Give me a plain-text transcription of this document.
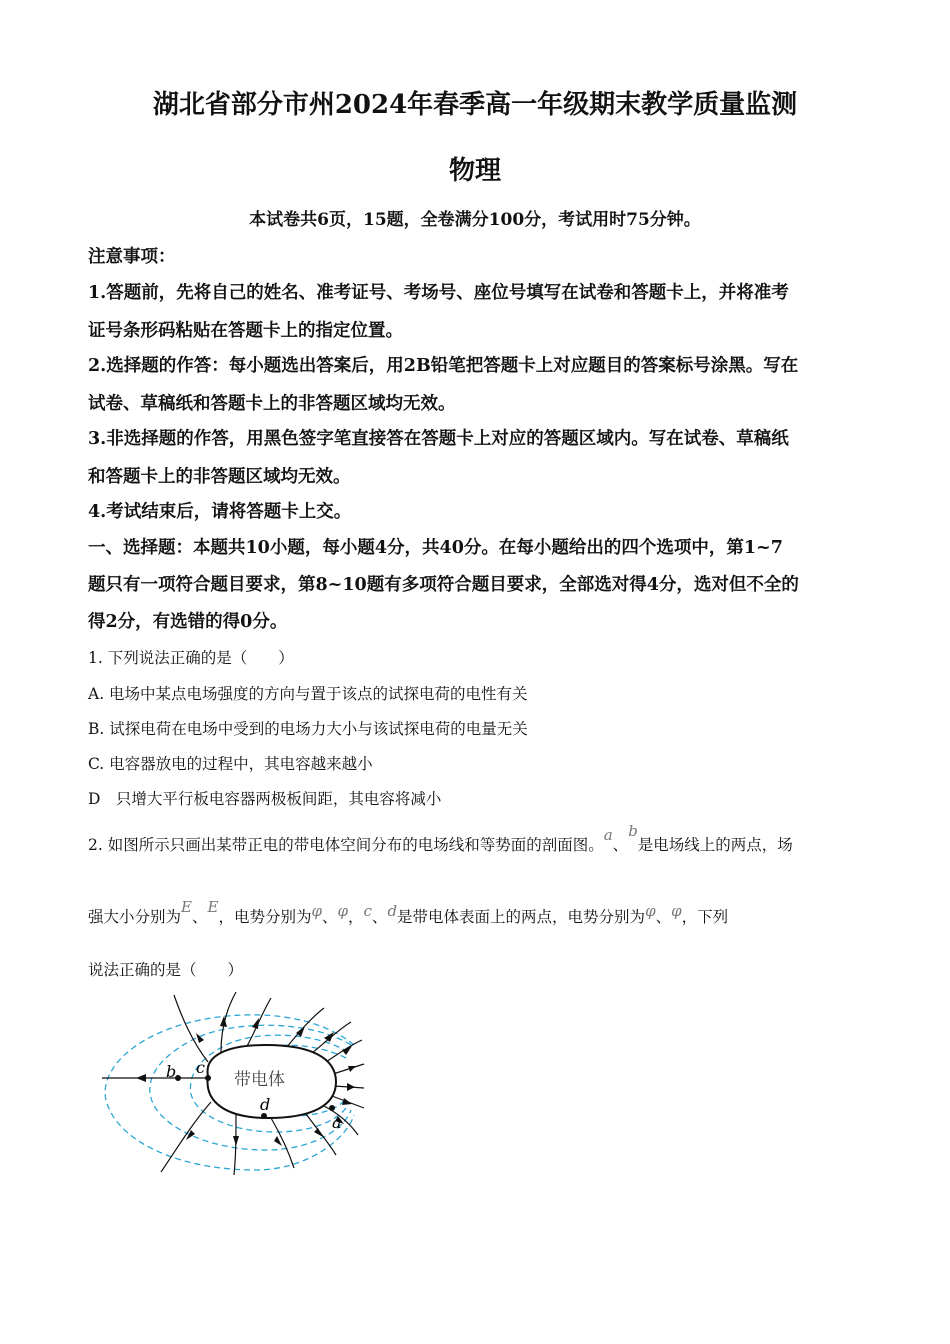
湖北省部分市州2024年春季高一年级期末教学质量监测
物理
本试卷共6页，15题，全卷满分100分，考试用时75分钟。
注意事项：
1.答题前，先将自己的姓名、准考证号、考场号、座位号填写在试卷和答题卡上，并将准考
证号条形码粘贴在答题卡上的指定位置。
2.选择题的作答：每小题选出答案后，用2B铅笔把答题卡上对应题目的答案标号涂黑。写在
试卷、草稿纸和答题卡上的非答题区域均无效。
3.非选择题的作答，用黑色签字笔直接答在答题卡上对应的答题区域内。写在试卷、草稿纸
和答题卡上的非答题区域均无效。
4.考试结束后，请将答题卡上交。
一、选择题：本题共10小题，每小题4分，共40分。在每小题给出的四个选项中，第1~7
题只有一项符合题目要求，第8~10题有多项符合题目要求，全部选对得4分，选对但不全的
得2分，有选错的得0分。
1. 下列说法正确的是（　　）
A. 电场中某点电场强度的方向与置于该点的试探电荷的电性有关
B. 试探电荷在电场中受到的电场力大小与该试探电荷的电量无关
C. 电容器放电的过程中，其电容越来越小
D　只增大平行板电容器两极板间距，其电容将减小
2. 如图所示只画出某带正电的带电体空间分布的电场线和等势面的剖面图。a、b是电场线上的两点，场
强大小分别为E、E，电势分别为φ、φ，c、d是带电体表面上的两点，电势分别为φ、φ，下列
说法正确的是（　　）
带电体
b c
d
a
